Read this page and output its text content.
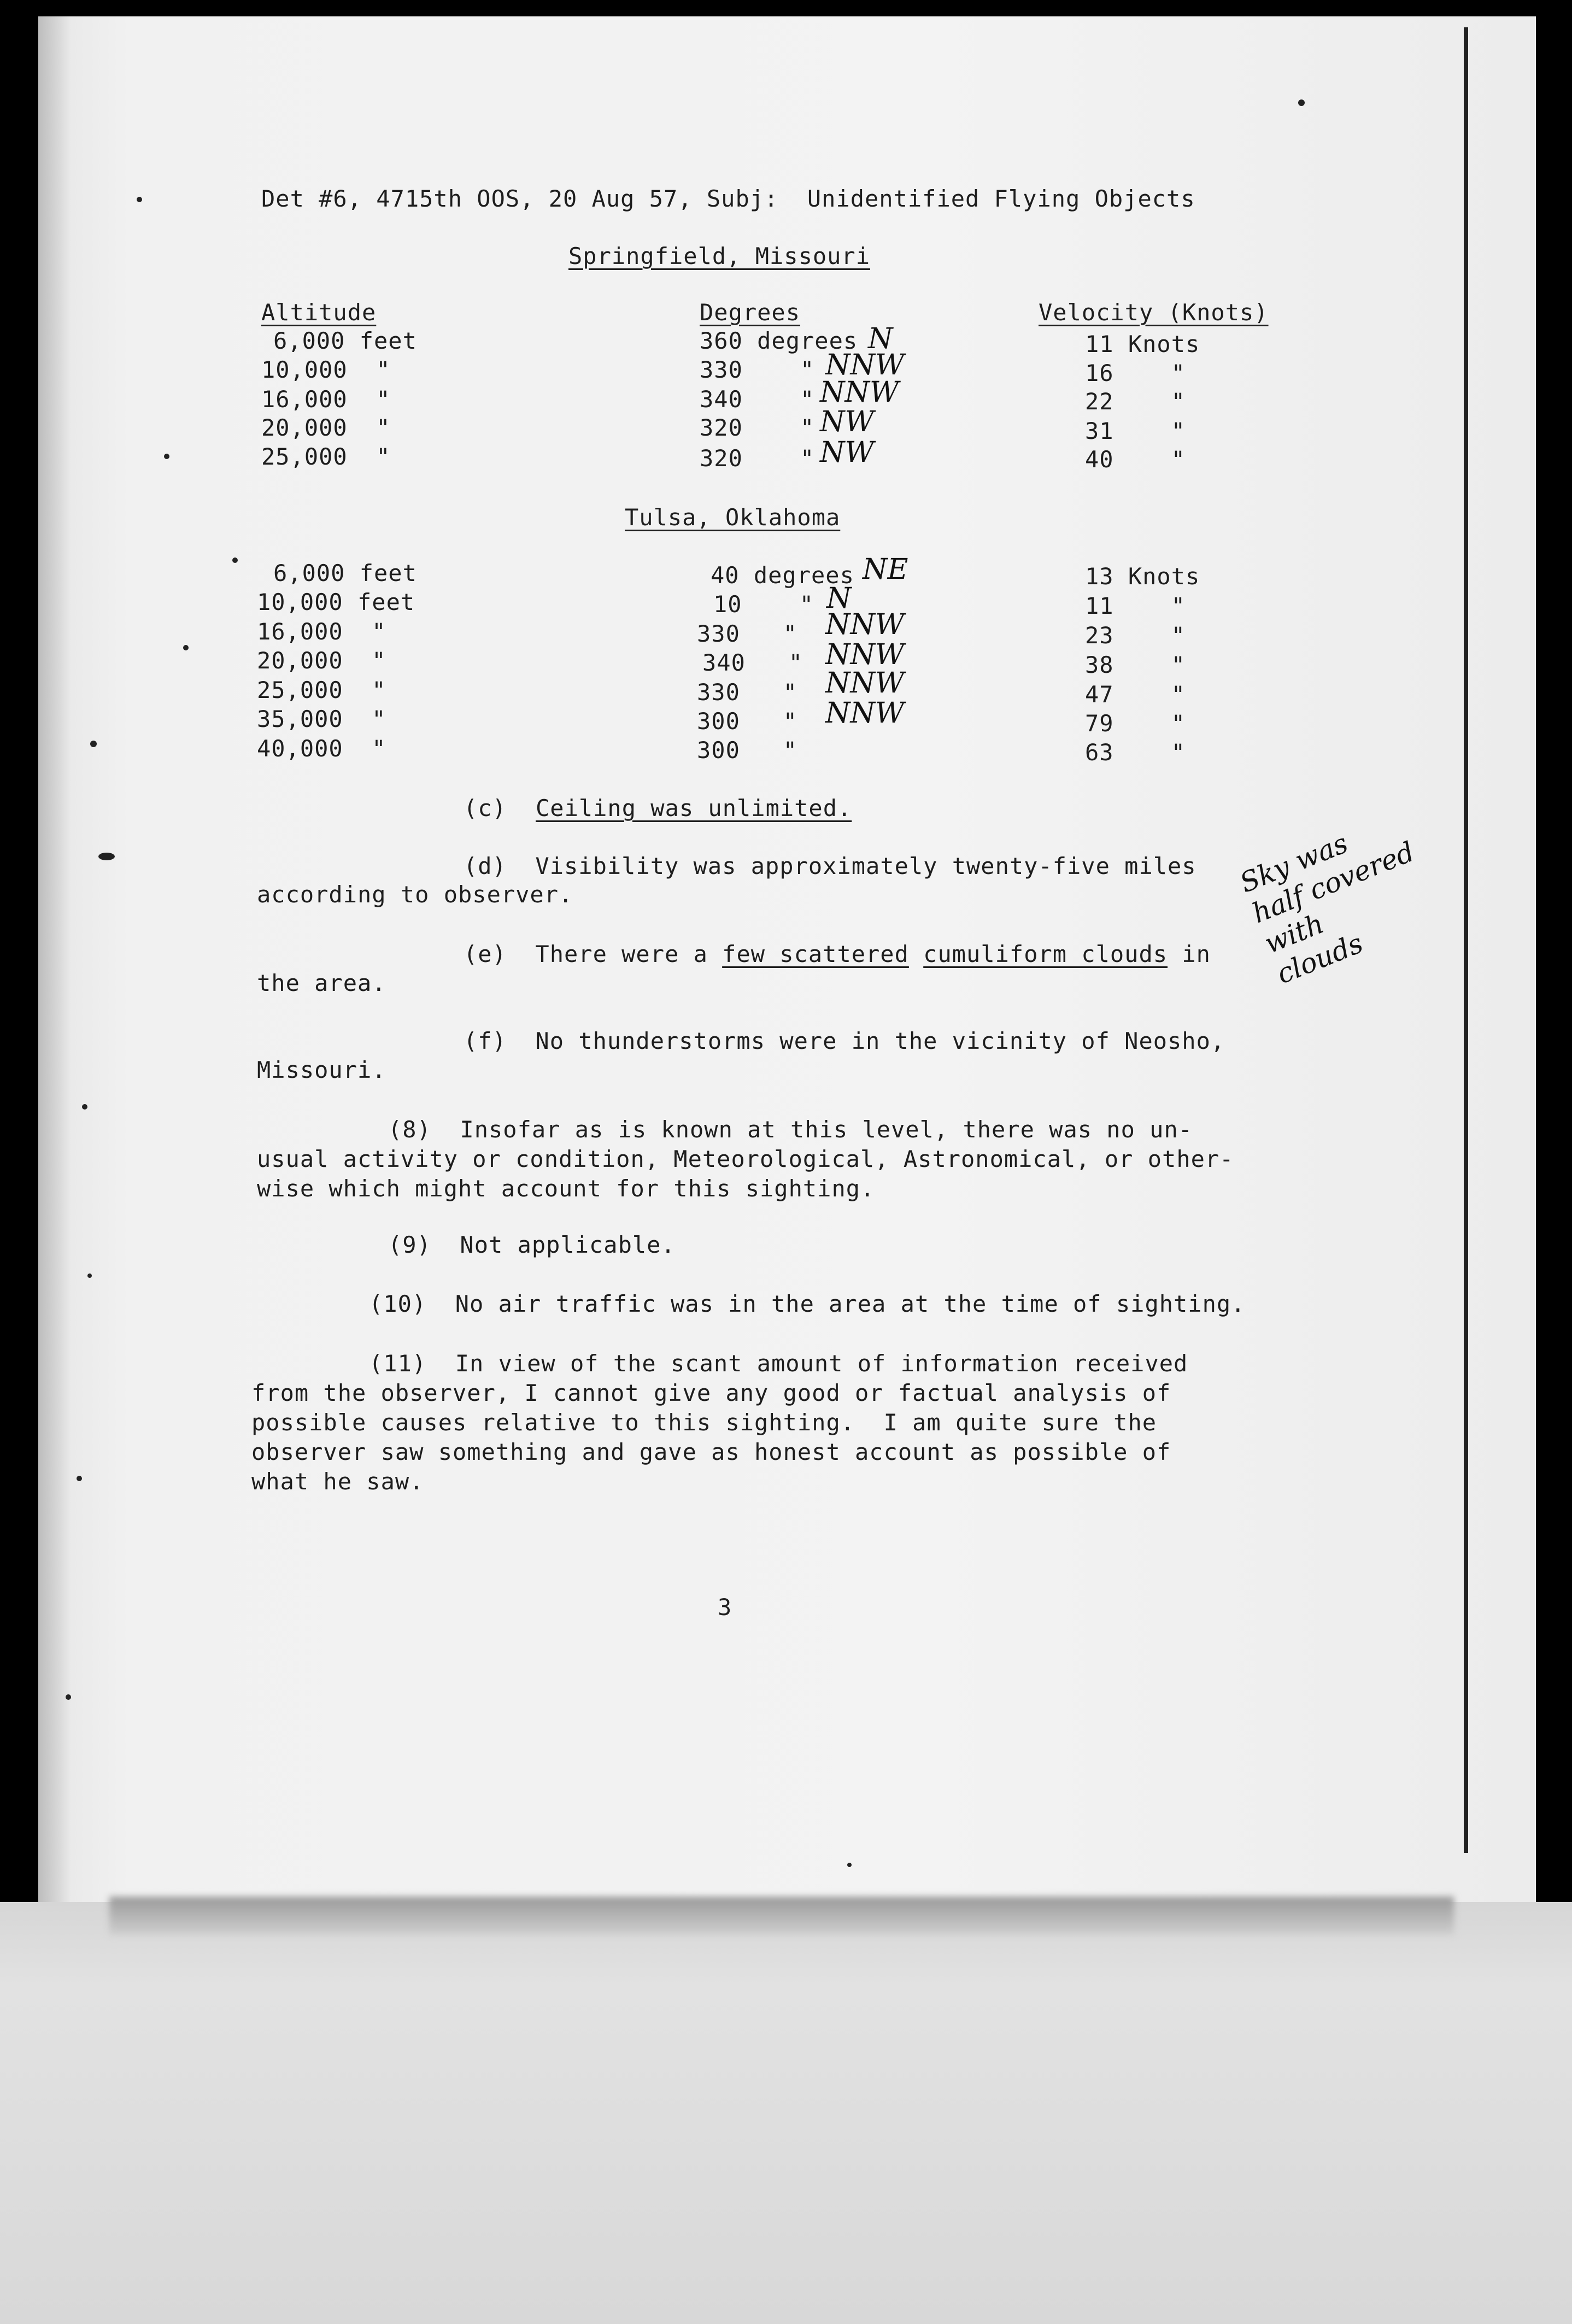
Det #6, 4715th OOS, 20 Aug 57, Subj:  Unidentified Flying Objects
Springfield, Missouri
Altitude	Degrees	Velocity (Knots)
6,000 feet	360 degrees N	11 Knots
10,000  "	330    " NNW	16    "
16,000  "	340    " NNW	22    "
20,000  "	320    " NW	31    "
25,000  "	320    " NW	40    "
Tulsa, Oklahoma
6,000 feet	40 degrees NE	13 Knots
10,000 feet	10    " N	11    "
16,000  "	330   " NNW	23    "
20,000  "	340   " NNW	38    "
25,000  "	330   " NNW	47    "
35,000  "	300   " NNW	79    "
40,000  "	300   "	63    "
(c) Ceiling was unlimited.
(d)  Visibility was approximately twenty-five miles
according to observer.
(e)  There were a few scattered cumuliform clouds in
the area.
(f)  No thunderstorms were in the vicinity of Neosho,
Missouri.
(8)  Insofar as is known at this level, there was no un-
usual activity or condition, Meteorological, Astronomical, or other-
wise which might account for this sighting.
(9)  Not applicable.
(10)  No air traffic was in the area at the time of sighting.
(11)  In view of the scant amount of information received
from the observer, I cannot give any good or factual analysis of
possible causes relative to this sighting.  I am quite sure the
observer saw something and gave as honest account as possible of
what he saw.
Sky was
half covered
with
clouds
3
